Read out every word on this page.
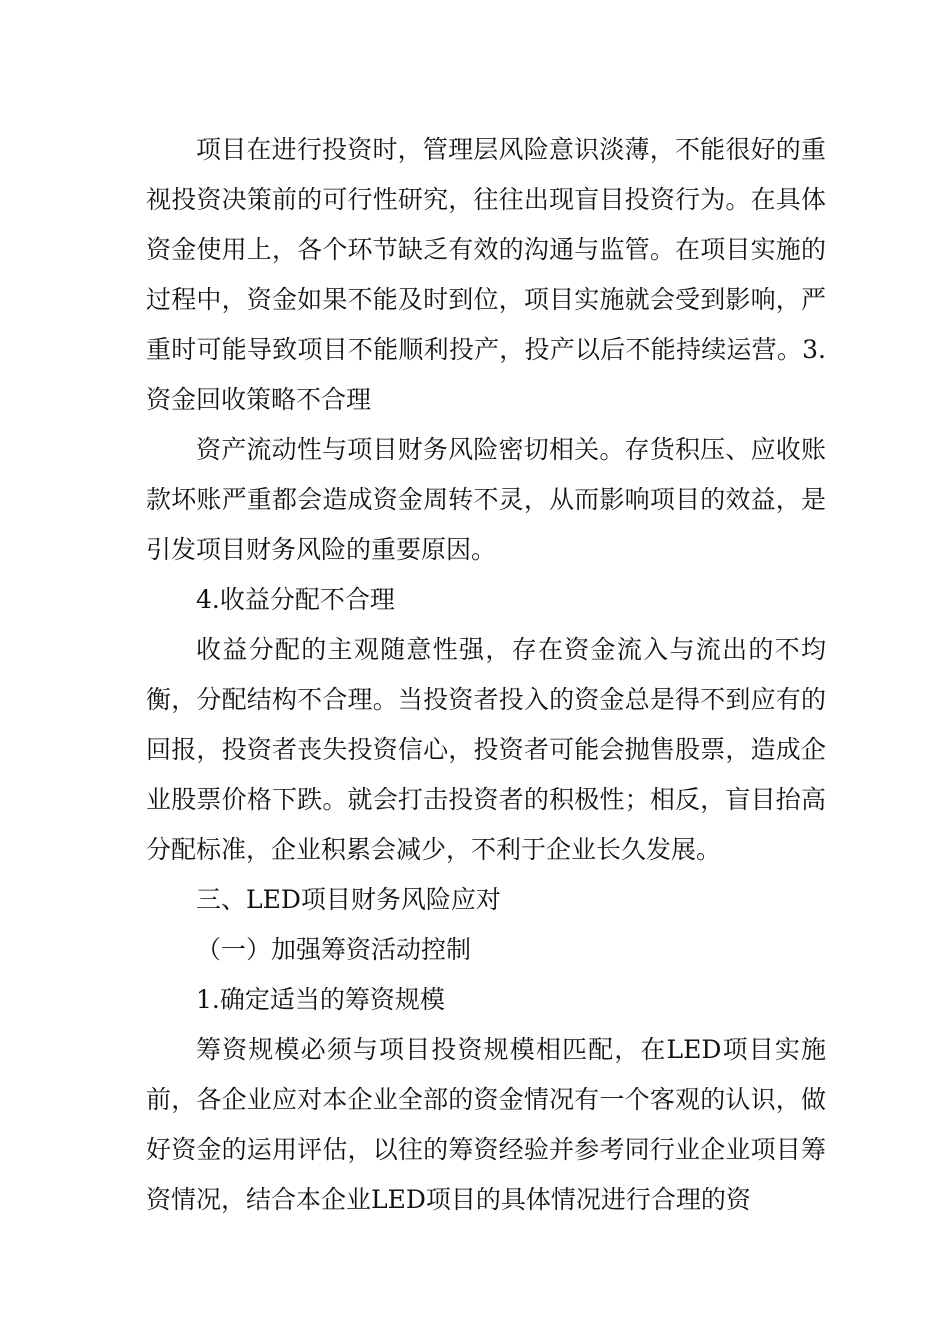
项目在进行投资时，管理层风险意识淡薄，不能很好的重视投资决策前的可行性研究，往往出现盲目投资行为。在具体资金使用上，各个环节缺乏有效的沟通与监管。在项目实施的过程中，资金如果不能及时到位，项目实施就会受到影响，严重时可能导致项目不能顺利投产，投产以后不能持续运营。3.资金回收策略不合理

资产流动性与项目财务风险密切相关。存货积压、应收账款坏账严重都会造成资金周转不灵，从而影响项目的效益，是引发项目财务风险的重要原因。

4.收益分配不合理

收益分配的主观随意性强，存在资金流入与流出的不均衡，分配结构不合理。当投资者投入的资金总是得不到应有的回报，投资者丧失投资信心，投资者可能会抛售股票，造成企业股票价格下跌。就会打击投资者的积极性；相反，盲目抬高分配标准，企业积累会减少，不利于企业长久发展。

三、LED项目财务风险应对

（一）加强筹资活动控制

1.确定适当的筹资规模

筹资规模必须与项目投资规模相匹配，在LED项目实施前，各企业应对本企业全部的资金情况有一个客观的认识，做好资金的运用评估，以往的筹资经验并参考同行业企业项目筹资情况，结合本企业LED项目的具体情况进行合理的资
